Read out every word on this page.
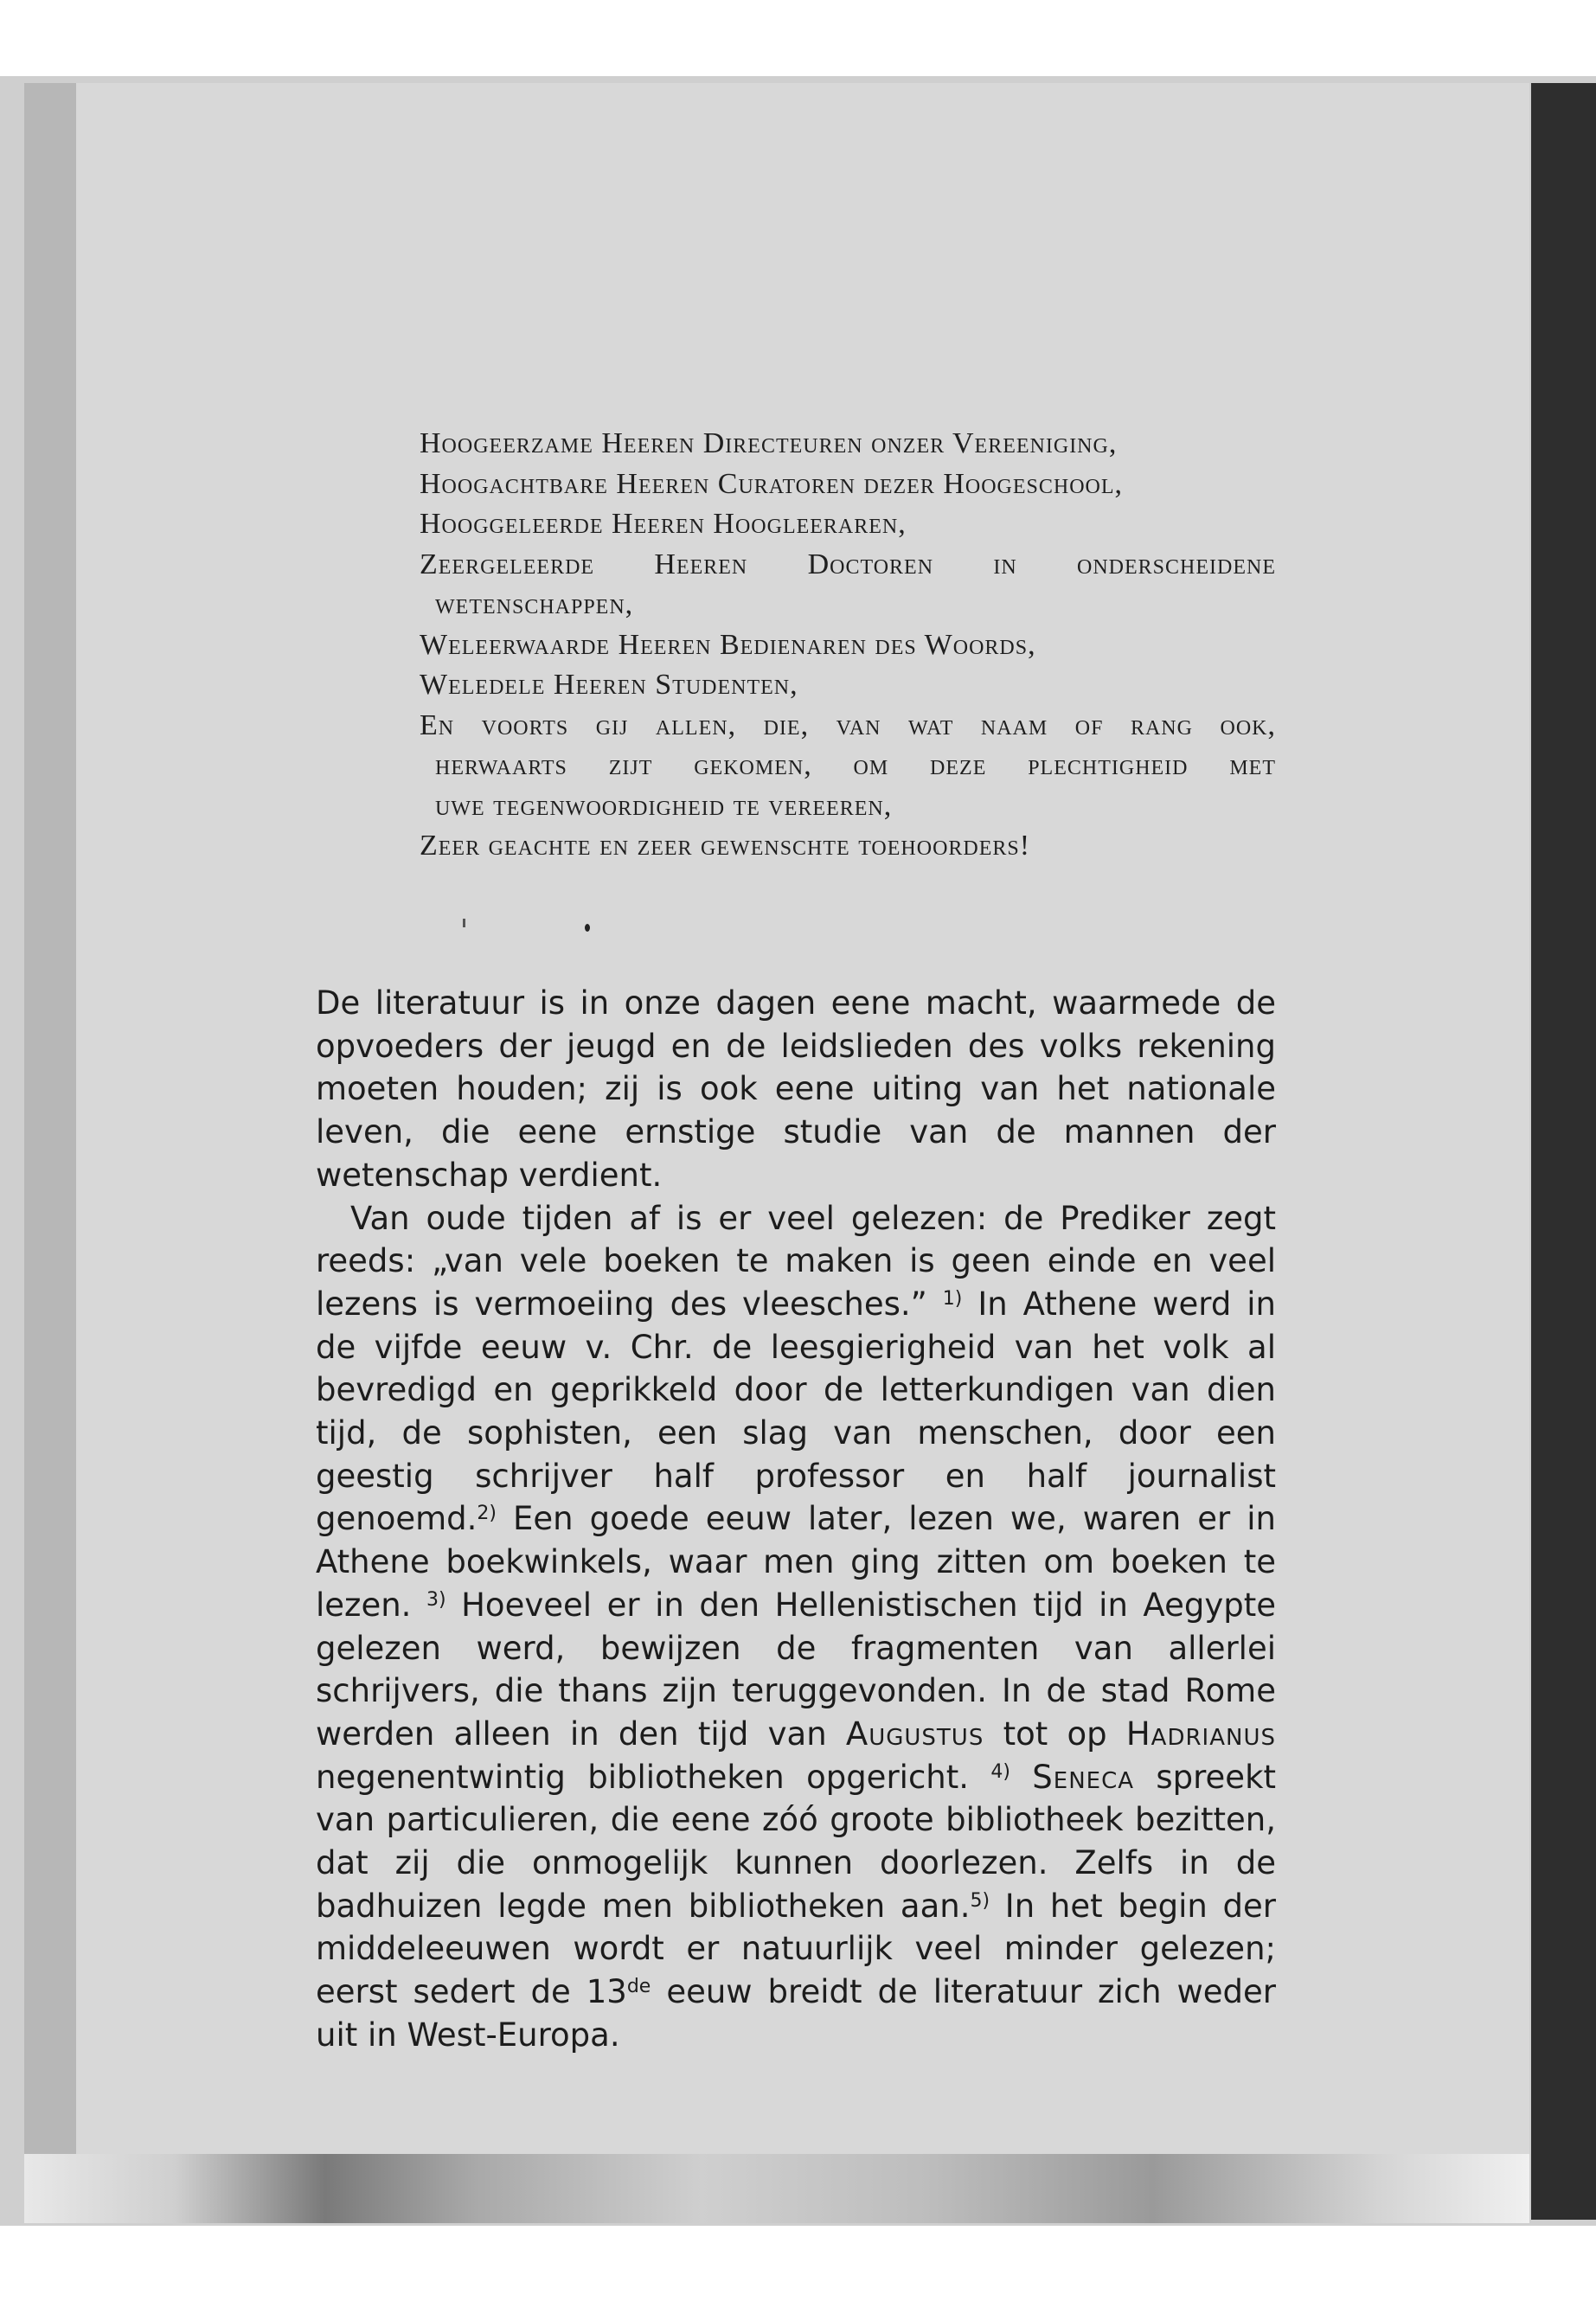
Hoogeerzame Heeren Directeuren onzer Vereeniging,
Hoogachtbare Heeren Curatoren dezer Hoogeschool,
Hooggeleerde Heeren Hoogleeraren,
Zeergeleerde Heeren Doctoren in onderscheidene
wetenschappen,
Weleerwaarde Heeren Bedienaren des Woords,
Weledele Heeren Studenten,
En voorts gij allen, die, van wat naam of rang ook,
herwaarts zijt gekomen, om deze plechtigheid met
uwe tegenwoordigheid te vereeren,
Zeer geachte en zeer gewenschte toehoorders!

De literatuur is in onze dagen eene macht, waarmede de opvoeders der jeugd en de leidslieden des volks rekening moeten houden; zij is ook eene uiting van het nationale leven, die eene ernstige studie van de mannen der wetenschap verdient.

Van oude tijden af is er veel gelezen: de Prediker zegt reeds: „van vele boeken te maken is geen einde en veel lezens is vermoeiing des vleesches.” $^{1)}$ In Athene werd in de vijfde eeuw v. Chr. de leesgierigheid van het volk al bevredigd en geprikkeld door de letterkundigen van dien tijd, de sophisten, een slag van menschen, door een geestig schrijver half professor en half journalist genoemd.$^{2)}$ Een goede eeuw later, lezen we, waren er in Athene boekwinkels, waar men ging zitten om boeken te lezen. $^{3)}$ Hoeveel er in den Hellenistischen tijd in Aegypte gelezen werd, bewijzen de fragmenten van allerlei schrijvers, die thans zijn teruggevonden. In de stad Rome werden alleen in den tijd van Augustus tot op Hadrianus negenentwintig bibliotheken opgericht. $^{4)}$ Seneca spreekt van particulieren, die eene zóó groote bibliotheek bezitten, dat zij die onmogelijk kunnen doorlezen. Zelfs in de badhuizen legde men bibliotheken aan.$^{5)}$ In het begin der middeleeuwen wordt er natuurlijk veel minder gelezen; eerst sedert de 13de eeuw breidt de literatuur zich weder uit in West-Europa.
